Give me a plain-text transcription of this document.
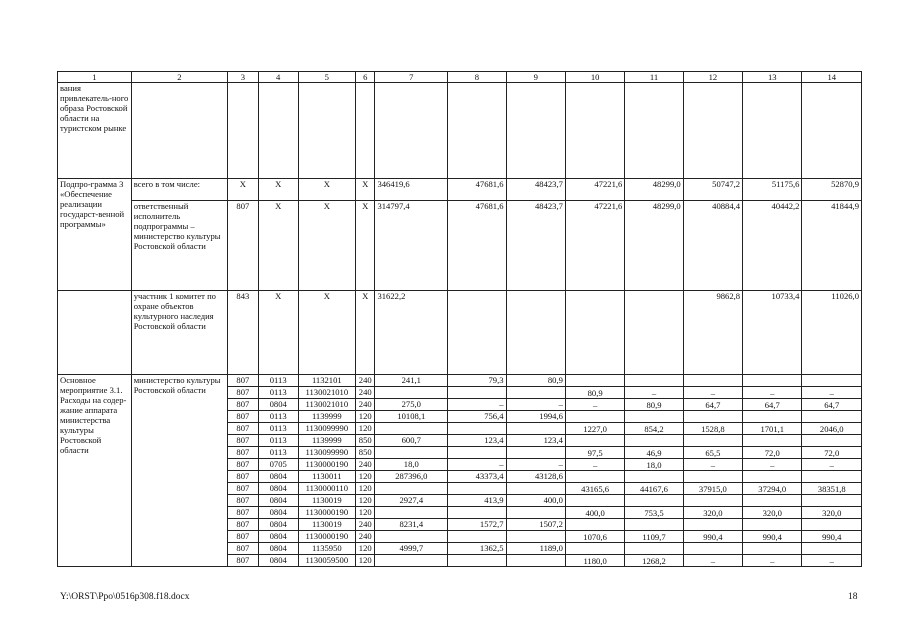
1	2	3	4	5	6	7	8	9	10	11	12	13	14
вания привлекатель-ного образа Ростовской области на туристском рынке													
Подпро-грамма 3 «Обеспечение реализации государст-венной программы»	всего в том числе:	X	X	X	X	346419,6	47681,6	48423,7	47221,6	48299,0	50747,2	51175,6	52870,9
	ответственный исполнитель подпрограммы – министерство культуры Ростовской области	807	X	X	X	314797,4	47681,6	48423,7	47221,6	48299,0	40884,4	40442,2	41844,9
	участник 1 комитет по охране объектов культурного наследия Ростовской области	843	X	X	X	31622,2					9862,8	10733,4	11026,0
Основное мероприятие 3.1. Расходы на содер-жание аппарата министерства культуры Ростовской области	министерство культуры Ростовской области	807	0113	1132101	240	241,1	79,3	80,9					
		807	0113	1130021010	240				80,9	–	–	–	–
		807	0804	1130021010	240	275,0	–	–	–	80,9	64,7	64,7	64,7
		807	0113	1139999	120	10108,1	756,4	1994,6					
		807	0113	1130099990	120				1227,0	854,2	1528,8	1701,1	2046,0
		807	0113	1139999	850	600,7	123,4	123,4					
		807	0113	1130099990	850				97,5	46,9	65,5	72,0	72,0
		807	0705	1130000190	240	18,0	–	–	–	18,0	–	–	–
		807	0804	1130011	120	287396,0	43373,4	43128,6					
		807	0804	1130000110	120				43165,6	44167,6	37915,0	37294,0	38351,8
		807	0804	1130019	120	2927,4	413,9	400,0					
		807	0804	1130000190	120				400,0	753,5	320,0	320,0	320,0
		807	0804	1130019	240	8231,4	1572,7	1507,2					
		807	0804	1130000190	240				1070,6	1109,7	990,4	990,4	990,4
		807	0804	1135950	120	4999,7	1362,5	1189,0					
		807	0804	1130059500	120				1180,0	1268,2	–	–	–
Y:\ORST\Ppo\0516p308.f18.docx	18
